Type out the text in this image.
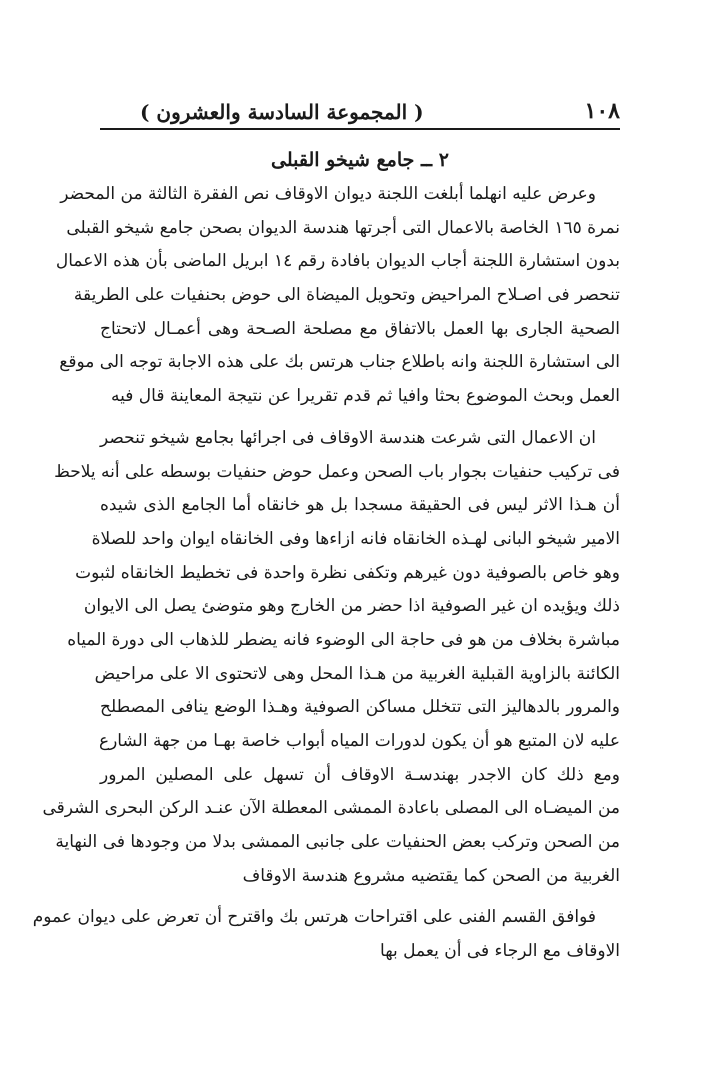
١٠٨
( المجموعة السادسة والعشرون )
٢ ــ جامع شيخو القبلى
وعرض عليه انهلما أبلغت اللجنة ديوان الاوقاف نص الفقرة الثالثة من المحضر
نمرة ١٦٥ الخاصة بالاعمال التى أجرتها هندسة الديوان بصحن جامع شيخو القبلى
بدون استشارة اللجنة أجاب الديوان بافادة رقم ١٤ ابريل الماضى بأن هذه الاعمال
تنحصر فى اصـلاح المراحيض وتحويل الميضاة الى حوض بحنفيات على الطريقة
الصحية الجارى بها العمل بالاتفاق مع مصلحة الصـحة وهى أعمـال لاتحتاج
الى استشارة اللجنة وانه باطلاع جناب هرتس بك على هذه الاجابة توجه الى موقع
العمل وبحث الموضوع بحثا وافيا ثم قدم تقريرا عن نتيجة المعاينة قال فيه
ان الاعمال التى شرعت هندسة الاوقاف فى اجرائها بجامع شيخو تنحصر
فى تركيب حنفيات بجوار باب الصحن وعمل حوض حنفيات بوسطه على أنه يلاحظ
أن هـذا الاثر ليس فى الحقيقة مسجدا بل هو خانقاه أما الجامع الذى شيده
الامير شيخو البانى لهـذه الخانقاه فانه ازاءها وفى الخانقاه ايوان واحد للصلاة
وهو خاص بالصوفية دون غيرهم وتكفى نظرة واحدة فى تخطيط الخانقاه لثبوت
ذلك ويؤيده ان غير الصوفية اذا حضر من الخارج وهو متوضئ يصل الى الايوان
مباشرة بخلاف من هو فى حاجة الى الوضوء فانه يضطر للذهاب الى دورة المياه
الكائنة بالزاوية القبلية الغربية من هـذا المحل وهى لاتحتوى الا على مراحيض
والمرور بالدهاليز التى تتخلل مساكن الصوفية وهـذا الوضع ينافى المصطلح
عليه لان المتبع هو أن يكون لدورات المياه أبواب خاصة بهـا من جهة الشارع
ومع ذلك كان الاجدر بهندسـة الاوقاف أن تسهل على المصلين المرور
من الميضـاه الى المصلى باعادة الممشى المعطلة الآن عنـد الركن البحرى الشرقى
من الصحن وتركب بعض الحنفيات على جانبى الممشى بدلا من وجودها فى النهاية
الغربية من الصحن كما يقتضيه مشروع هندسة الاوقاف
فوافق القسم الفنى على اقتراحات هرتس بك واقترح أن تعرض على ديوان عموم
الاوقاف مع الرجاء فى أن يعمل بها
